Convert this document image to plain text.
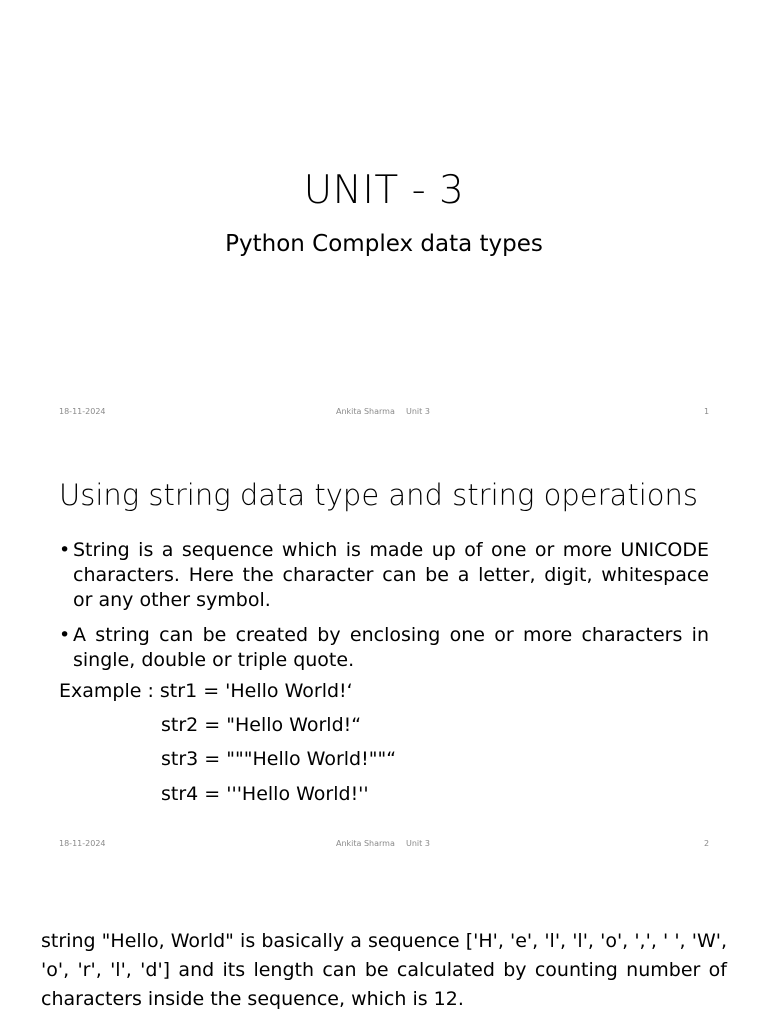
UNIT - 3
Python Complex data types
18-11-2024	Ankita Sharma Unit 3	1
Using string data type and string operations
• String is a sequence which is made up of one or more UNICODE characters. Here the character can be a letter, digit, whitespace or any other symbol.
• A string can be created by enclosing one or more characters in single, double or triple quote.
Example : str1 = 'Hello World!‘
str2 = "Hello World!“
str3 = """Hello World!""“
str4 = '''Hello World!''
18-11-2024	Ankita Sharma Unit 3	2
string "Hello, World" is basically a sequence ['H', 'e', 'l', 'l', 'o', ',', ' ', 'W', 'o', 'r', 'l', 'd'] and its length can be calculated by counting number of characters inside the sequence, which is 12.
